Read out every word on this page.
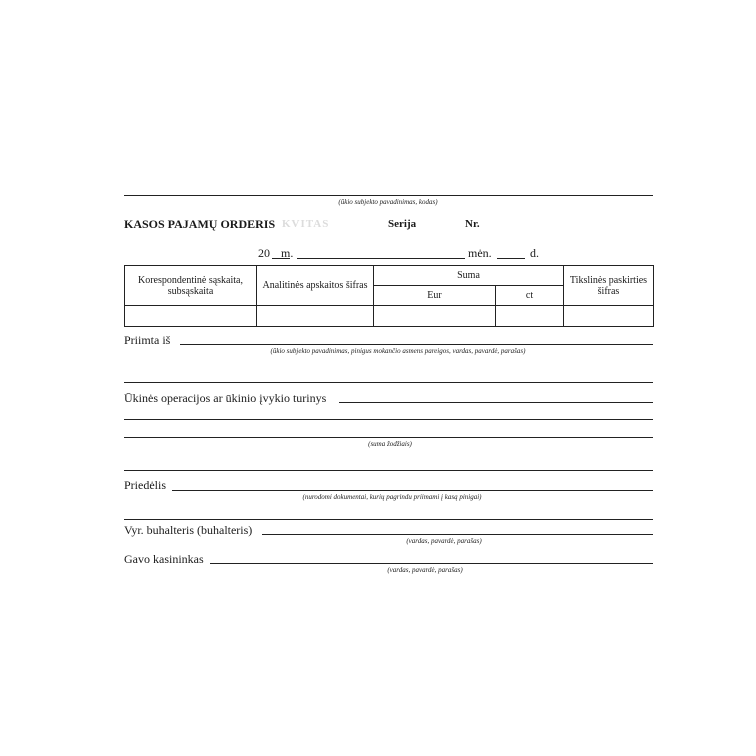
(ūkio subjekto pavadinimas, kodas)
KASOS PAJAMŲ ORDERIS KVITAS	Serija	Nr.
20 m.	mėn.	d.
Korespondentinė sąskaita, subsąskaita	Analitinės apskaitos šifras	Suma		Tikslinės paskirties šifras
		Eur	ct	

Priimta iš
(ūkio subjekto pavadinimas, pinigus mokančio asmens pareigos, vardas, pavardė, parašas)
Ūkinės operacijos ar ūkinio įvykio turinys
(suma žodžiais)
Priedėlis
(nurodomi dokumentai, kurių pagrindu priimami į kasą pinigai)
Vyr. buhalteris (buhalteris)
(vardas, pavardė, parašas)
Gavo kasininkas
(vardas, pavardė, parašas)
